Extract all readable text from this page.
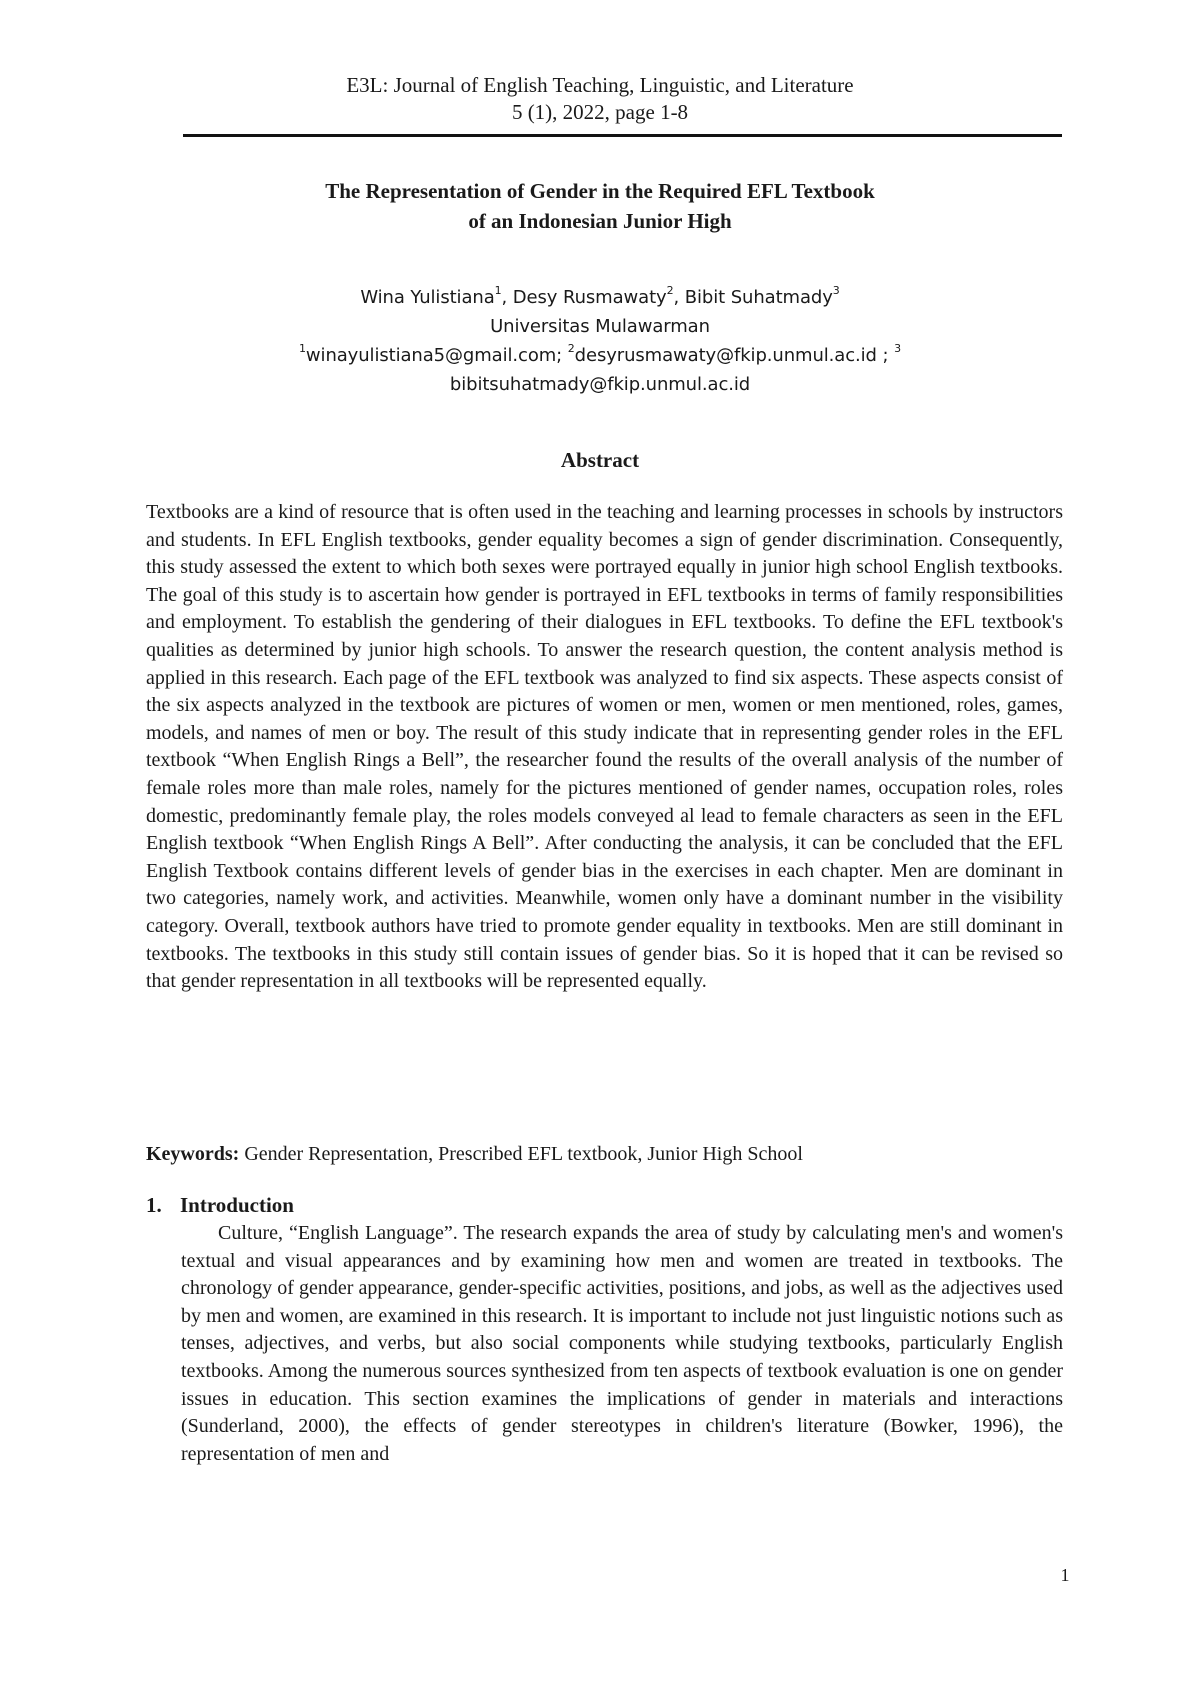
E3L: Journal of English Teaching, Linguistic, and Literature
5 (1), 2022, page 1-8
The Representation of Gender in the Required EFL Textbook
of an Indonesian Junior High
Wina Yulistiana$^1$, Desy Rusmawaty$^2$, Bibit Suhatmady$^3$
Universitas Mulawarman
$^1$winayulistiana5@gmail.com; $^2$desyrusmawaty@fkip.unmul.ac.id ; $^3$
bibitsuhatmady@fkip.unmul.ac.id
Abstract

Textbooks are a kind of resource that is often used in the teaching and learning processes in schools by instructors and students. In EFL English textbooks, gender equality becomes a sign of gender discrimination. Consequently, this study assessed the extent to which both sexes were portrayed equally in junior high school English textbooks. The goal of this study is to ascertain how gender is portrayed in EFL textbooks in terms of family responsibilities and employment. To establish the gendering of their dialogues in EFL textbooks. To define the EFL textbook's qualities as determined by junior high schools. To answer the research question, the content analysis method is applied in this research. Each page of the EFL textbook was analyzed to find six aspects. These aspects consist of the six aspects analyzed in the textbook are pictures of women or men, women or men mentioned, roles, games, models, and names of men or boy. The result of this study indicate that in representing gender roles in the EFL textbook “When English Rings a Bell”, the researcher found the results of the overall analysis of the number of female roles more than male roles, namely for the pictures mentioned of gender names, occupation roles, roles domestic, predominantly female play, the roles models conveyed al lead to female characters as seen in the EFL English textbook “When English Rings A Bell”. After conducting the analysis, it can be concluded that the EFL English Textbook contains different levels of gender bias in the exercises in each chapter. Men are dominant in two categories, namely work, and activities. Meanwhile, women only have a dominant number in the visibility category. Overall, textbook authors have tried to promote gender equality in textbooks. Men are still dominant in textbooks. The textbooks in this study still contain issues of gender bias. So it is hoped that it can be revised so that gender representation in all textbooks will be represented equally.

Keywords: Gender Representation, Prescribed EFL textbook, Junior High School
1. Introduction

Culture, “English Language”. The research expands the area of study by calculating men's and women's textual and visual appearances and by examining how men and women are treated in textbooks. The chronology of gender appearance, gender-specific activities, positions, and jobs, as well as the adjectives used by men and women, are examined in this research. It is important to include not just linguistic notions such as tenses, adjectives, and verbs, but also social components while studying textbooks, particularly English textbooks. Among the numerous sources synthesized from ten aspects of textbook evaluation is one on gender issues in education. This section examines the implications of gender in materials and interactions (Sunderland, 2000), the effects of gender stereotypes in children's literature (Bowker, 1996), the representation of men and

1
